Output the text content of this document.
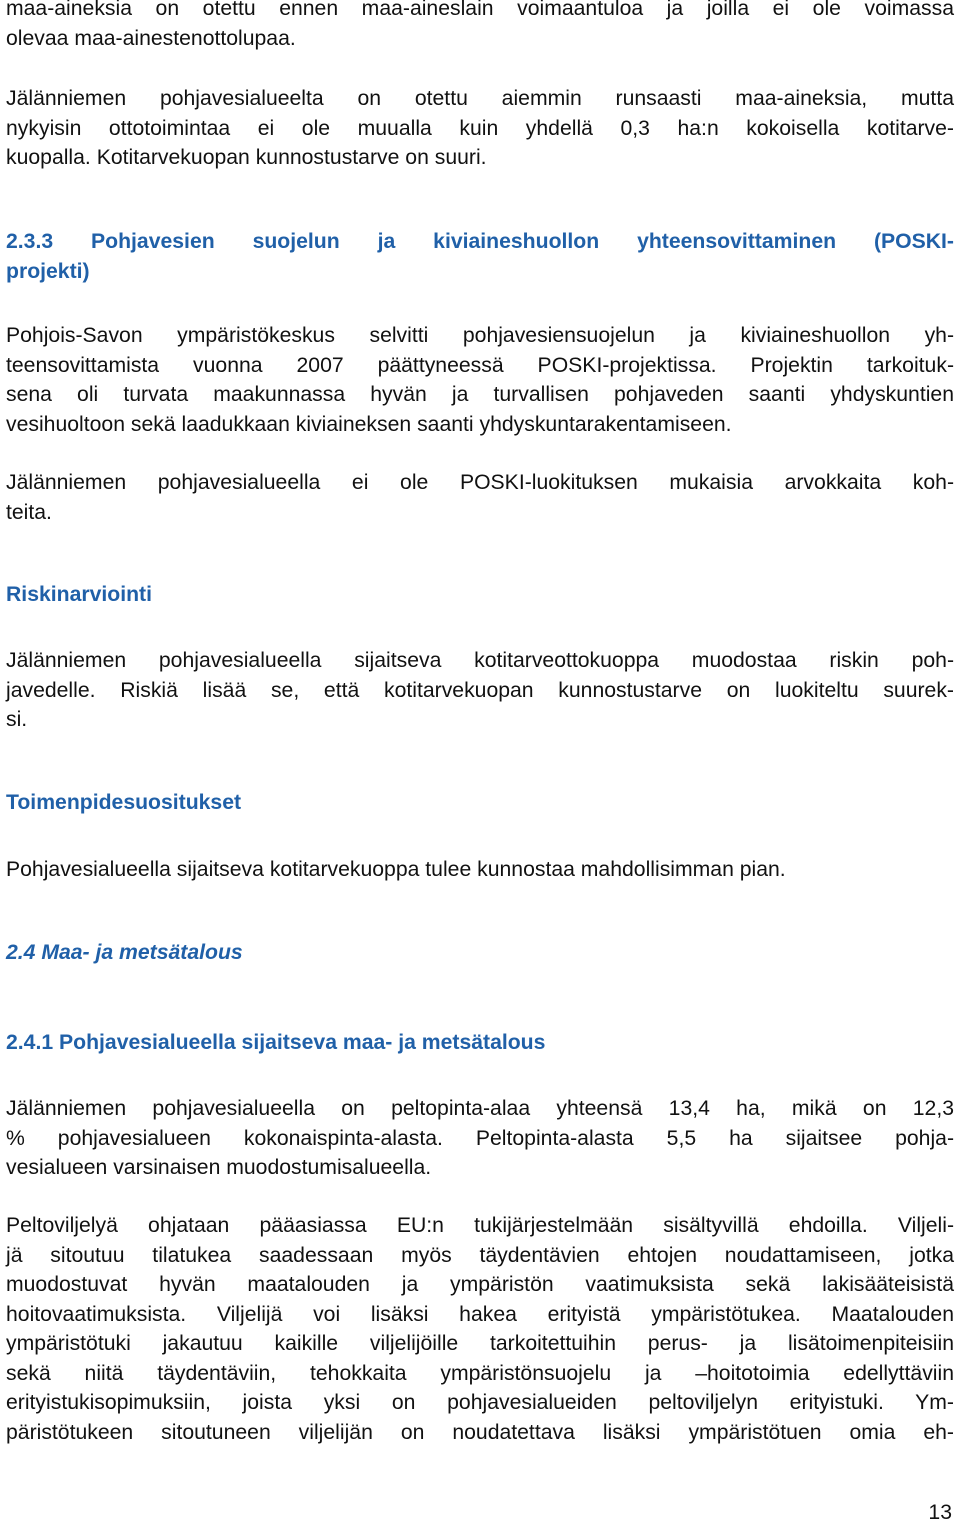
maa-aineksia on otettu ennen maa-aineslain voimaantuloa ja joilla ei ole voimassa
olevaa maa-ainestenottolupaa.

Jälänniemen pohjavesialueelta on otettu aiemmin runsaasti maa-aineksia, mutta
nykyisin ottotoimintaa ei ole muualla kuin yhdellä 0,3 ha:n kokoisella kotitarve-
kuopalla. Kotitarvekuopan kunnostustarve on suuri.

2.3.3 Pohjavesien suojelun ja kiviaineshuollon yhteensovittaminen (POSKI-
projekti)

Pohjois-Savon ympäristökeskus selvitti pohjavesiensuojelun ja kiviaineshuollon yh-
teensovittamista vuonna 2007 päättyneessä POSKI-projektissa. Projektin tarkoituk-
sena oli turvata maakunnassa hyvän ja turvallisen pohjaveden saanti yhdyskuntien
vesihuoltoon sekä laadukkaan kiviaineksen saanti yhdyskuntarakentamiseen.

Jälänniemen pohjavesialueella ei ole POSKI-luokituksen mukaisia arvokkaita koh-
teita.

Riskinarviointi

Jälänniemen pohjavesialueella sijaitseva kotitarveottokuoppa muodostaa riskin poh-
javedelle. Riskiä lisää se, että kotitarvekuopan kunnostustarve on luokiteltu suurek-
si.

Toimenpidesuositukset

Pohjavesialueella sijaitseva kotitarvekuoppa tulee kunnostaa mahdollisimman pian.

2.4 Maa- ja metsätalous
2.4.1 Pohjavesialueella sijaitseva maa- ja metsätalous

Jälänniemen pohjavesialueella on peltopinta-alaa yhteensä 13,4 ha, mikä on 12,3
% pohjavesialueen kokonaispinta-alasta. Peltopinta-alasta 5,5 ha sijaitsee pohja-
vesialueen varsinaisen muodostumisalueella.

Peltoviljelyä ohjataan pääasiassa EU:n tukijärjestelmään sisältyvillä ehdoilla. Viljeli-
jä sitoutuu tilatukea saadessaan myös täydentävien ehtojen noudattamiseen, jotka
muodostuvat hyvän maatalouden ja ympäristön vaatimuksista sekä lakisääteisistä
hoitovaatimuksista. Viljelijä voi lisäksi hakea erityistä ympäristötukea. Maatalouden
ympäristötuki jakautuu kaikille viljelijöille tarkoitettuihin perus- ja lisätoimenpiteisiin
sekä niitä täydentäviin, tehokkaita ympäristönsuojelu ja –hoitotoimia edellyttäviin
erityistukisopimuksiin, joista yksi on pohjavesialueiden peltoviljelyn erityistuki. Ym-
päristötukeen sitoutuneen viljelijän on noudatettava lisäksi ympäristötuen omia eh-

13
